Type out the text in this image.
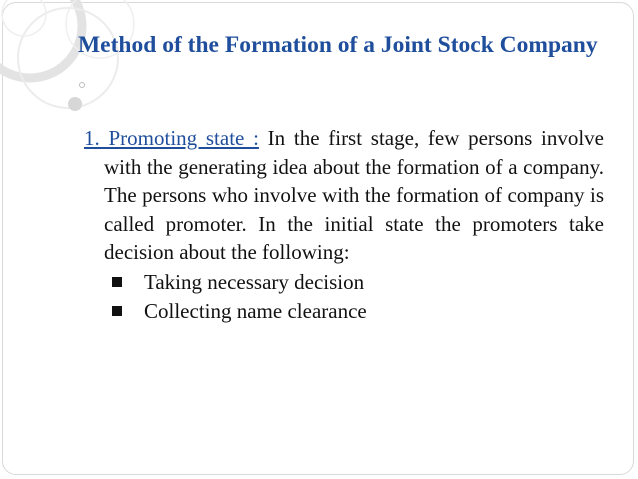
Method of the Formation of a Joint Stock Company

1. Promoting state : In the first stage, few persons involve with the generating idea about the formation of a company. The persons who involve with the formation of company is called promoter. In the initial state the promoters take decision about the following:

Taking necessary decision
Collecting name clearance
